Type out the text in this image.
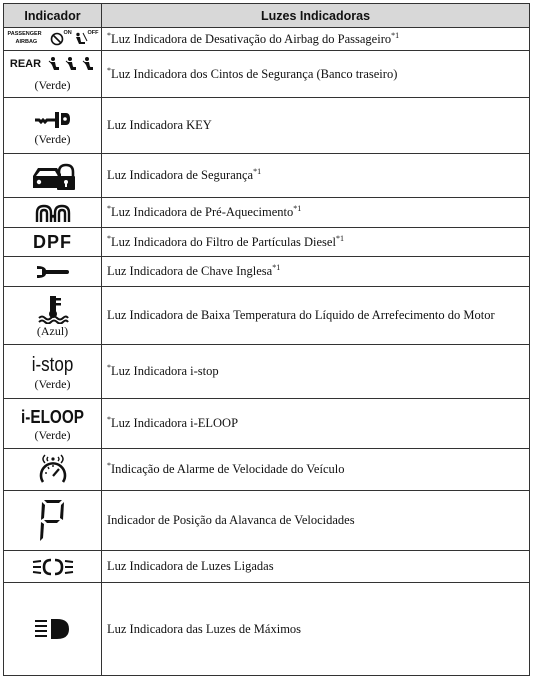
Indicador	Luzes Indicadoras

PASSENGER
AIRBAG
ON OFF	*Luz Indicadora de Desativação do Airbag do Passageiro$^{*1}$

REAR
(Verde)	*Luz Indicadora dos Cintos de Segurança (Banco traseiro)

(Verde)	Luz Indicadora KEY

	Luz Indicadora de Segurança$^{*1}$

	*Luz Indicadora de Pré-Aquecimento$^{*1}$
DPF	*Luz Indicadora do Filtro de Partículas Diesel$^{*1}$

	Luz Indicadora de Chave Inglesa$^{*1}$

(Azul)	Luz Indicadora de Baixa Temperatura do Líquido de Arrefecimento do Motor

i-stop
(Verde)	*Luz Indicadora i-stop

i-ELOOP
(Verde)	*Luz Indicadora i-ELOOP

	*Indicação de Alarme de Velocidade do Veículo

	Indicador de Posição da Alavanca de Velocidades

	Luz Indicadora de Luzes Ligadas

	Luz Indicadora das Luzes de Máximos
